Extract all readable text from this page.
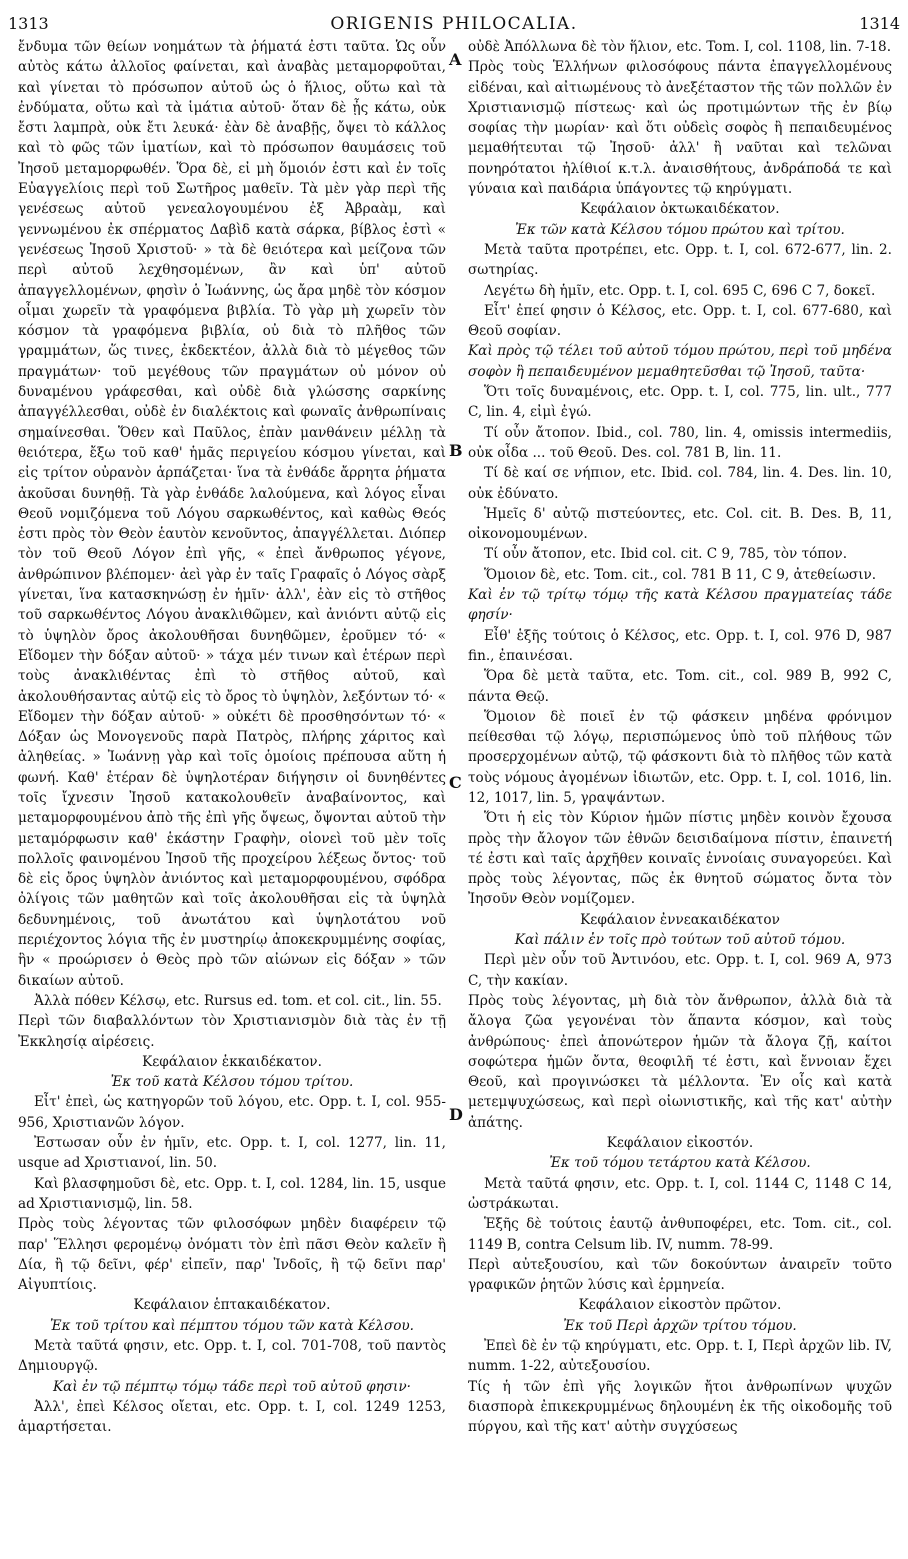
1313	ORIGENIS PHILOCALIA.	1314

ἔνδυμα τῶν θείων νοημάτων τὰ ῥήματά ἐστι ταῦτα. Ὡς οὖν αὐτὸς κάτω ἀλλοῖος φαίνεται, καὶ ἀναβὰς μεταμορφοῦται, καὶ γίνεται τὸ πρόσωπον αὐτοῦ ὡς ὁ ἥλιος, οὕτω καὶ τὰ ἐνδύματα, οὕτω καὶ τὰ ἱμάτια αὐτοῦ· ὅταν δὲ ᾖς κάτω, οὐκ ἔστι λαμπρὰ, οὐκ ἔτι λευκά· ἐὰν δὲ ἀναβῇς, ὄψει τὸ κάλλος καὶ τὸ φῶς τῶν ἱματίων, καὶ τὸ πρόσωπον θαυμάσεις τοῦ Ἰησοῦ μεταμορφωθέν. Ὅρα δὲ, εἰ μὴ ὅμοιόν ἐστι καὶ ἐν τοῖς Εὐαγγελίοις περὶ τοῦ Σωτῆρος μαθεῖν. Τὰ μὲν γὰρ περὶ τῆς γενέσεως αὐτοῦ γενεαλογουμένου ἐξ Ἀβραὰμ, καὶ γεννωμένου ἐκ σπέρματος Δαβὶδ κατὰ σάρκα, βίβλος ἐστὶ « γενέσεως Ἰησοῦ Χριστοῦ· » τὰ δὲ θειότερα καὶ μείζονα τῶν περὶ αὐτοῦ λεχθησομένων, ἂν καὶ ὑπ' αὐτοῦ ἀπαγγελλομένων, φησὶν ὁ Ἰωάννης, ὡς ἄρα μηδὲ τὸν κόσμον οἶμαι χωρεῖν τὰ γραφόμενα βιβλία. Τὸ γὰρ μὴ χωρεῖν τὸν κόσμον τὰ γραφόμενα βιβλία, οὐ διὰ τὸ πλῆθος τῶν γραμμάτων, ὥς τινες, ἐκδεκτέον, ἀλλὰ διὰ τὸ μέγεθος τῶν πραγμάτων· τοῦ μεγέθους τῶν πραγμάτων οὐ μόνον οὐ δυναμένου γράφεσθαι, καὶ οὐδὲ διὰ γλώσσης σαρκίνης ἀπαγγέλλεσθαι, οὐδὲ ἐν διαλέκτοις καὶ φωναῖς ἀνθρωπίναις σημαίνεσθαι. Ὅθεν καὶ Παῦλος, ἐπὰν μανθάνειν μέλλῃ τὰ θειότερα, ἔξω τοῦ καθ' ἡμᾶς περιγείου κόσμου γίνεται, καὶ εἰς τρίτον οὐρανὸν ἁρπάζεται· ἵνα τὰ ἐνθάδε ἄρρητα ῥήματα ἀκοῦσαι δυνηθῇ. Τὰ γὰρ ἐνθάδε λαλούμενα, καὶ λόγος εἶναι Θεοῦ νομιζόμενα τοῦ Λόγου σαρκωθέντος, καὶ καθὼς Θεός ἐστι πρὸς τὸν Θεὸν ἑαυτὸν κενοῦντος, ἀπαγγέλλεται. Διόπερ τὸν τοῦ Θεοῦ Λόγον ἐπὶ γῆς, « ἐπεὶ ἄνθρωπος γέγονε, ἀνθρώπινον βλέπομεν· ἀεὶ γὰρ ἐν ταῖς Γραφαῖς ὁ Λόγος σὰρξ γίνεται, ἵνα κατασκηνώσῃ ἐν ἡμῖν· ἀλλ', ἐὰν εἰς τὸ στῆθος τοῦ σαρκωθέντος Λόγου ἀνακλιθῶμεν, καὶ ἀνιόντι αὐτῷ εἰς τὸ ὑψηλὸν ὄρος ἀκολουθῆσαι δυνηθῶμεν, ἐροῦμεν τό· « Εἴδομεν τὴν δόξαν αὐτοῦ· » τάχα μέν τινων καὶ ἑτέρων περὶ τοὺς ἀνακλιθέντας ἐπὶ τὸ στῆθος αὐτοῦ, καὶ ἀκολουθήσαντας αὐτῷ εἰς τὸ ὄρος τὸ ὑψηλὸν, λεξόντων τό· « Εἴδομεν τὴν δόξαν αὐτοῦ· » οὐκέτι δὲ προσθησόντων τό· « Δόξαν ὡς Μονογενοῦς παρὰ Πατρὸς, πλήρης χάριτος καὶ ἀληθείας. » Ἰωάννῃ γὰρ καὶ τοῖς ὁμοίοις πρέπουσα αὕτη ἡ φωνή. Καθ' ἑτέραν δὲ ὑψηλοτέραν διήγησιν οἱ δυνηθέντες τοῖς ἴχνεσιν Ἰησοῦ κατακολουθεῖν ἀναβαίνοντος, καὶ μεταμορφουμένου ἀπὸ τῆς ἐπὶ γῆς ὄψεως, ὄψονται αὐτοῦ τὴν μεταμόρφωσιν καθ' ἑκάστην Γραφὴν, οἱονεὶ τοῦ μὲν τοῖς πολλοῖς φαινομένου Ἰησοῦ τῆς προχείρου λέξεως ὄντος· τοῦ δὲ εἰς ὄρος ὑψηλὸν ἀνιόντος καὶ μεταμορφουμένου, σφόδρα ὀλίγοις τῶν μαθητῶν καὶ τοῖς ἀκολουθῆσαι εἰς τὰ ὑψηλὰ δεδυνημένοις, τοῦ ἀνωτάτου καὶ ὑψηλοτάτου νοῦ περιέχοντος λόγια τῆς ἐν μυστηρίῳ ἀποκεκρυμμένης σοφίας, ἣν « προώρισεν ὁ Θεὸς πρὸ τῶν αἰώνων εἰς δόξαν » τῶν δικαίων αὐτοῦ.

Ἀλλὰ πόθεν Κέλσῳ, etc. Rursus ed. tom. et col. cit., lin. 55.

Περὶ τῶν διαβαλλόντων τὸν Χριστιανισμὸν διὰ τὰς ἐν τῇ Ἐκκλησίᾳ αἱρέσεις.

Κεφάλαιον ἑκκαιδέκατον.

Ἐκ τοῦ κατὰ Κέλσου τόμου τρίτου.

Εἶτ' ἐπεὶ, ὡς κατηγορῶν τοῦ λόγου, etc. Opp. t. I, col. 955-956, Χριστιανῶν λόγον.

Ἐστωσαν οὖν ἐν ἡμῖν, etc. Opp. t. I, col. 1277, lin. 11, usque ad Χριστιανοί, lin. 50.

Καὶ βλασφημοῦσι δὲ, etc. Opp. t. I, col. 1284, lin. 15, usque ad Χριστιανισμῷ, lin. 58.

Πρὸς τοὺς λέγοντας τῶν φιλοσόφων μηδὲν διαφέρειν τῷ παρ' Ἕλλησι φερομένῳ ὀνόματι τὸν ἐπὶ πᾶσι Θεὸν καλεῖν ἢ Δία, ἢ τῷ δεῖνι, φέρ' εἰπεῖν, παρ' Ἰνδοῖς, ἢ τῷ δεῖνι παρ' Αἰγυπτίοις.

Κεφάλαιον ἑπτακαιδέκατον.

Ἐκ τοῦ τρίτου καὶ πέμπτου τόμου τῶν κατὰ Κέλσου.

Μετὰ ταῦτά φησιν, etc. Opp. t. I, col. 701-708, τοῦ παντὸς Δημιουργῷ.

Καὶ ἐν τῷ πέμπτῳ τόμῳ τάδε περὶ τοῦ αὐτοῦ φησιν·

Ἀλλ', ἐπεὶ Κέλσος οἴεται, etc. Opp. t. I, col. 1249 1253, ἁμαρτήσεται.

οὐδὲ Ἀπόλλωνα δὲ τὸν ἥλιον, etc. Tom. I, col. 1108, lin. 7-18.

Πρὸς τοὺς Ἑλλήνων φιλοσόφους πάντα ἐπαγγελλομένους εἰδέναι, καὶ αἰτιωμένους τὸ ἀνεξέταστον τῆς τῶν πολλῶν ἐν Χριστιανισμῷ πίστεως· καὶ ὡς προτιμώντων τῆς ἐν βίῳ σοφίας τὴν μωρίαν· καὶ ὅτι οὐδεὶς σοφὸς ἢ πεπαιδευμένος μεμαθήτευται τῷ Ἰησοῦ· ἀλλ' ἢ ναῦται καὶ τελῶναι πονηρότατοι ἠλίθιοί κ.τ.λ. ἀναισθήτους, ἀνδράποδά τε καὶ γύναια καὶ παιδάρια ὑπάγοντες τῷ κηρύγματι.

Κεφάλαιον ὀκτωκαιδέκατον.

Ἐκ τῶν κατὰ Κέλσου τόμου πρώτου καὶ τρίτου.

Μετὰ ταῦτα προτρέπει, etc. Opp. t. I, col. 672-677, lin. 2. σωτηρίας.

Λεγέτω δὴ ἡμῖν, etc. Opp. t. I, col. 695 C, 696 C 7, δοκεῖ.

Εἶτ' ἐπεί φησιν ὁ Κέλσος, etc. Opp. t. I, col. 677-680, καὶ Θεοῦ σοφίαν.

Καὶ πρὸς τῷ τέλει τοῦ αὐτοῦ τόμου πρώτου, περὶ τοῦ μηδένα σοφὸν ἢ πεπαιδευμένον μεμαθητεῦσθαι τῷ Ἰησοῦ, ταῦτα·

Ὅτι τοῖς δυναμένοις, etc. Opp. t. I, col. 775, lin. ult., 777 C, lin. 4, εἰμὶ ἐγώ.

Τί οὖν ἄτοπον. Ibid., col. 780, lin. 4, omissis intermediis, οὐκ οἶδα ... τοῦ Θεοῦ. Des. col. 781 B, lin. 11.

Τί δὲ καί σε νήπιον, etc. Ibid. col. 784, lin. 4. Des. lin. 10, οὐκ ἐδύνατο.

Ἡμεῖς δ' αὐτῷ πιστεύοντες, etc. Col. cit. B. Des. B, 11, οἰκονομουμένων.

Τί οὖν ἄτοπον, etc. Ibid col. cit. C 9, 785, τὸν τόπον.

Ὅμοιον δὲ, etc. Tom. cit., col. 781 B 11, C 9, ἀτεθείωσιν.

Καὶ ἐν τῷ τρίτῳ τόμῳ τῆς κατὰ Κέλσου πραγματείας τάδε φησίν·

Εἶθ' ἑξῆς τούτοις ὁ Κέλσος, etc. Opp. t. I, col. 976 D, 987 fin., ἐπαινέσαι.

Ὅρα δὲ μετὰ ταῦτα, etc. Tom. cit., col. 989 B, 992 C, πάντα Θεῷ.

Ὅμοιον δὲ ποιεῖ ἐν τῷ φάσκειν μηδένα φρόνιμον πείθεσθαι τῷ λόγῳ, περισπώμενος ὑπὸ τοῦ πλήθους τῶν προσερχομένων αὐτῷ, τῷ φάσκοντι διὰ τὸ πλῆθος τῶν κατὰ τοὺς νόμους ἀγομένων ἰδιωτῶν, etc. Opp. t. I, col. 1016, lin. 12, 1017, lin. 5, γραψάντων.

Ὅτι ἡ εἰς τὸν Κύριον ἡμῶν πίστις μηδὲν κοινὸν ἔχουσα πρὸς τὴν ἄλογον τῶν ἐθνῶν δεισιδαίμονα πίστιν, ἐπαινετή τέ ἐστι καὶ ταῖς ἀρχῆθεν κοιναῖς ἐννοίαις συναγορεύει. Καὶ πρὸς τοὺς λέγοντας, πῶς ἐκ θνητοῦ σώματος ὄντα τὸν Ἰησοῦν Θεὸν νομίζομεν.

Κεφάλαιον ἐννεακαιδέκατον

Καὶ πάλιν ἐν τοῖς πρὸ τούτων τοῦ αὐτοῦ τόμου.

Περὶ μὲν οὖν τοῦ Ἀντινόου, etc. Opp. t. I, col. 969 A, 973 C, τὴν κακίαν.

Πρὸς τοὺς λέγοντας, μὴ διὰ τὸν ἄνθρωπον, ἀλλὰ διὰ τὰ ἄλογα ζῶα γεγονέναι τὸν ἅπαντα κόσμον, καὶ τοὺς ἀνθρώπους· ἐπεὶ ἀπονώτερον ἡμῶν τὰ ἄλογα ζῇ, καίτοι σοφώτερα ἡμῶν ὄντα, θεοφιλῆ τέ ἐστι, καὶ ἔννοιαν ἔχει Θεοῦ, καὶ προγινώσκει τὰ μέλλοντα. Ἐν οἷς καὶ κατὰ μετεμψυχώσεως, καὶ περὶ οἰωνιστικῆς, καὶ τῆς κατ' αὐτὴν ἀπάτης.

Κεφάλαιον εἰκοστόν.

Ἐκ τοῦ τόμου τετάρτου κατὰ Κέλσου.

Μετὰ ταῦτά φησιν, etc. Opp. t. I, col. 1144 C, 1148 C 14, ὠστράκωται.

Ἑξῆς δὲ τούτοις ἑαυτῷ ἀνθυποφέρει, etc. Tom. cit., col. 1149 B, contra Celsum lib. IV, numm. 78-99.

Περὶ αὐτεξουσίου, καὶ τῶν δοκούντων ἀναιρεῖν τοῦτο γραφικῶν ῥητῶν λύσις καὶ ἑρμηνεία.

Κεφάλαιον εἰκοστὸν πρῶτον.

Ἐκ τοῦ Περὶ ἀρχῶν τρίτου τόμου.

Ἐπεὶ δὲ ἐν τῷ κηρύγματι, etc. Opp. t. I, Περὶ ἀρχῶν lib. IV, numm. 1-22, αὐτεξουσίου.

Τίς ἡ τῶν ἐπὶ γῆς λογικῶν ἤτοι ἀνθρωπίνων ψυχῶν διασπορὰ ἐπικεκρυμμένως δηλουμένη ἐκ τῆς οἰκοδομῆς τοῦ πύργου, καὶ τῆς κατ' αὐτὴν συγχύσεως

A
B
C
D
